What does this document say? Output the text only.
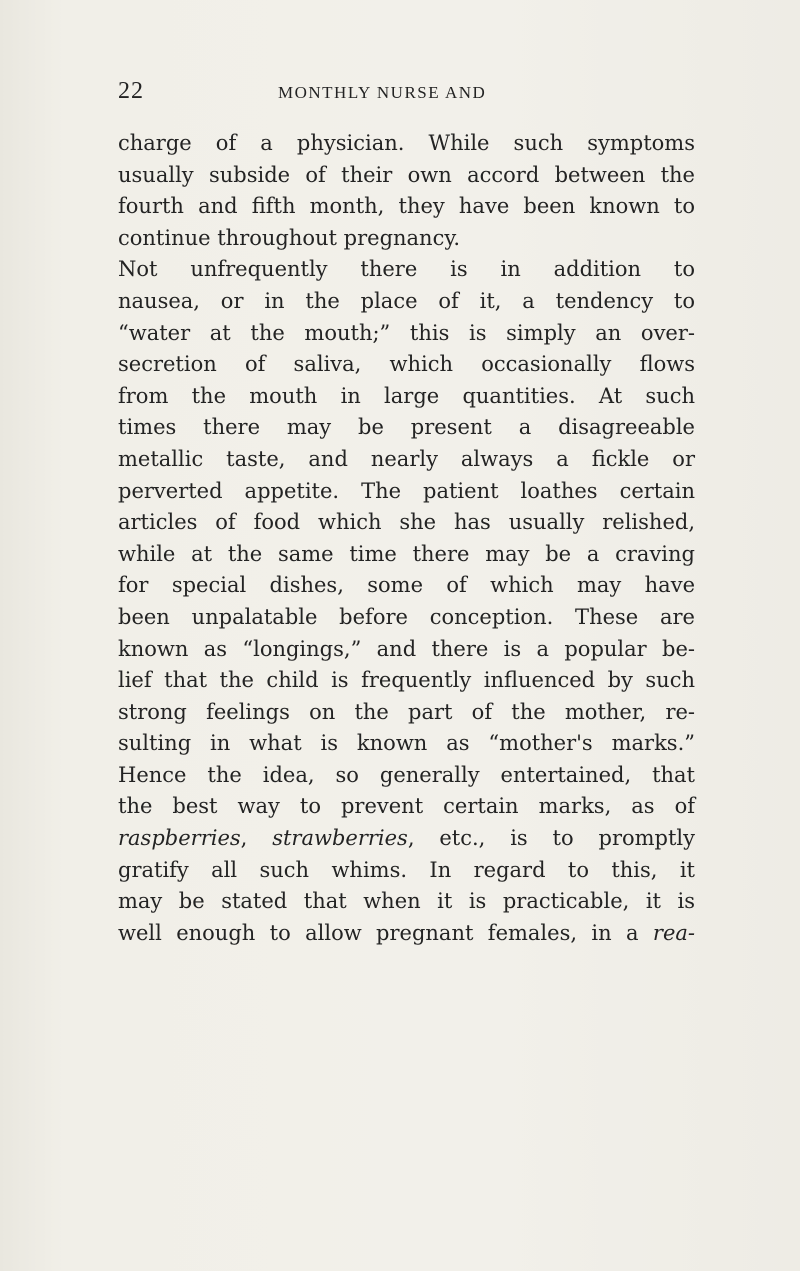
22	MONTHLY NURSE AND
charge of a physician. While such symptoms
usually subside of their own accord between the
fourth and fifth month, they have been known to
continue throughout pregnancy.
Not unfrequently there is in addition to
nausea, or in the place of it, a tendency to
“water at the mouth;” this is simply an over-
secretion of saliva, which occasionally flows
from the mouth in large quantities. At such
times there may be present a disagreeable
metallic taste, and nearly always a fickle or
perverted appetite. The patient loathes certain
articles of food which she has usually relished,
while at the same time there may be a craving
for special dishes, some of which may have
been unpalatable before conception. These are
known as “longings,” and there is a popular be-
lief that the child is frequently influenced by such
strong feelings on the part of the mother, re-
sulting in what is known as “mother's marks.”
Hence the idea, so generally entertained, that
the best way to prevent certain marks, as of
raspberries, strawberries, etc., is to promptly
gratify all such whims. In regard to this, it
may be stated that when it is practicable, it is
well enough to allow pregnant females, in a rea-
